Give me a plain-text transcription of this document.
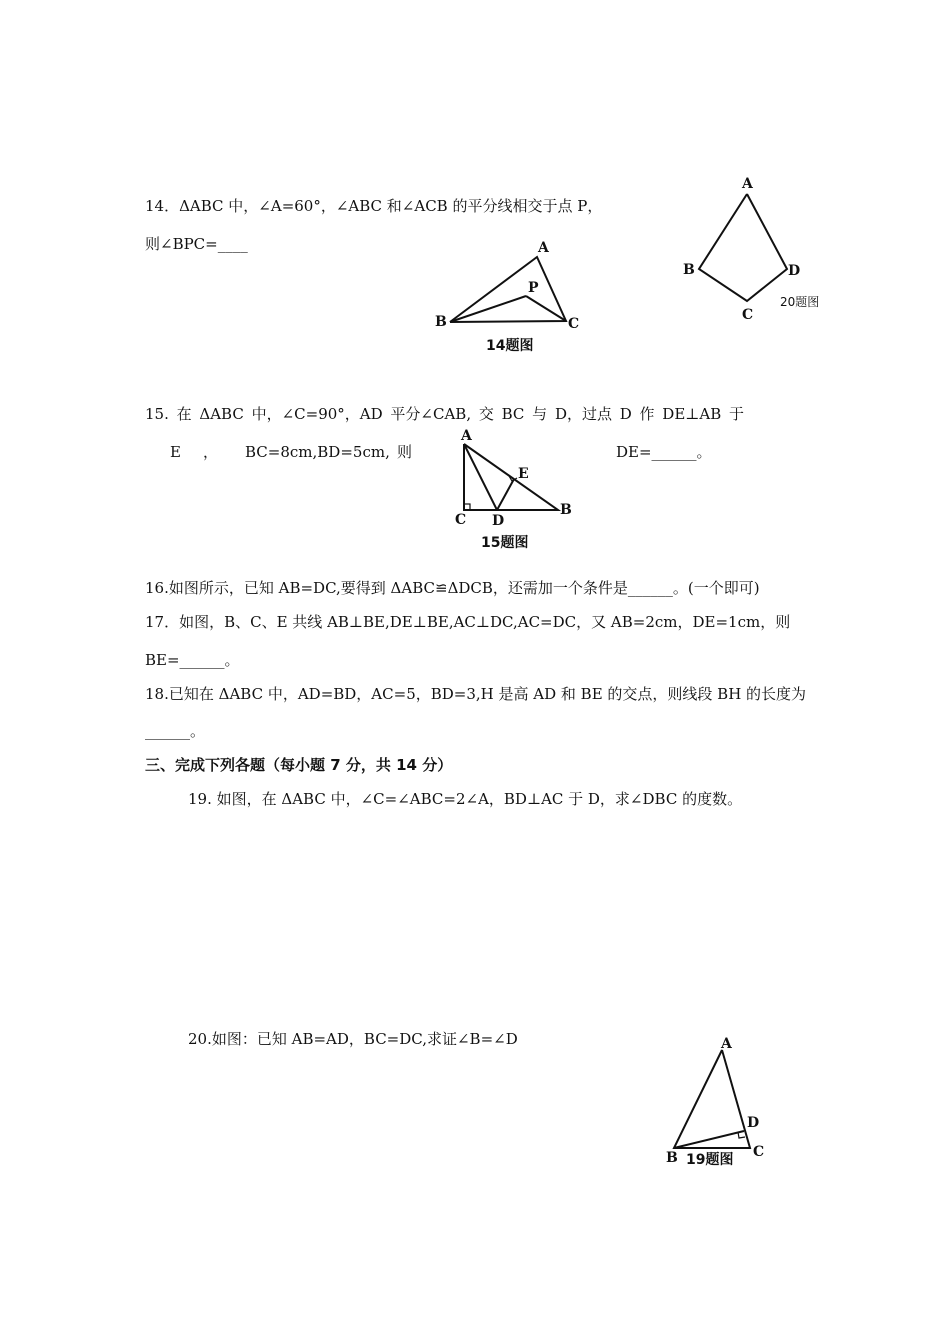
14．ΔABC 中，∠A=60°，∠ABC 和∠ACB 的平分线相交于点 P，
则∠BPC=____
A
B	D
C
20题图
A
B	C
P
14题图
15. 在 ΔABC 中，∠C=90°，AD 平分∠CAB, 交 BC 与 D，过点 D 作 DE⊥AB 于
E ， BC=8cm,BD=5cm, 则	DE=______。
A
C D
B
E
15题图
16.如图所示，已知 AB=DC,要得到 ΔABC≌ΔDCB，还需加一个条件是______。(一个即可)
17．如图，B、C、E 共线 AB⊥BE,DE⊥BE,AC⊥DC,AC=DC，又 AB=2cm，DE=1cm，则
BE=______。
18.已知在 ΔABC 中，AD=BD，AC=5，BD=3,H 是高 AD 和 BE 的交点，则线段 BH 的长度为
______。
三、完成下列各题（每小题 7 分，共 14 分）
19. 如图，在 ΔABC 中，∠C=∠ABC=2∠A，BD⊥AC 于 D，求∠DBC 的度数。
20.如图：已知 AB=AD，BC=DC,求证∠B=∠D	A
D
B	C
19题图
